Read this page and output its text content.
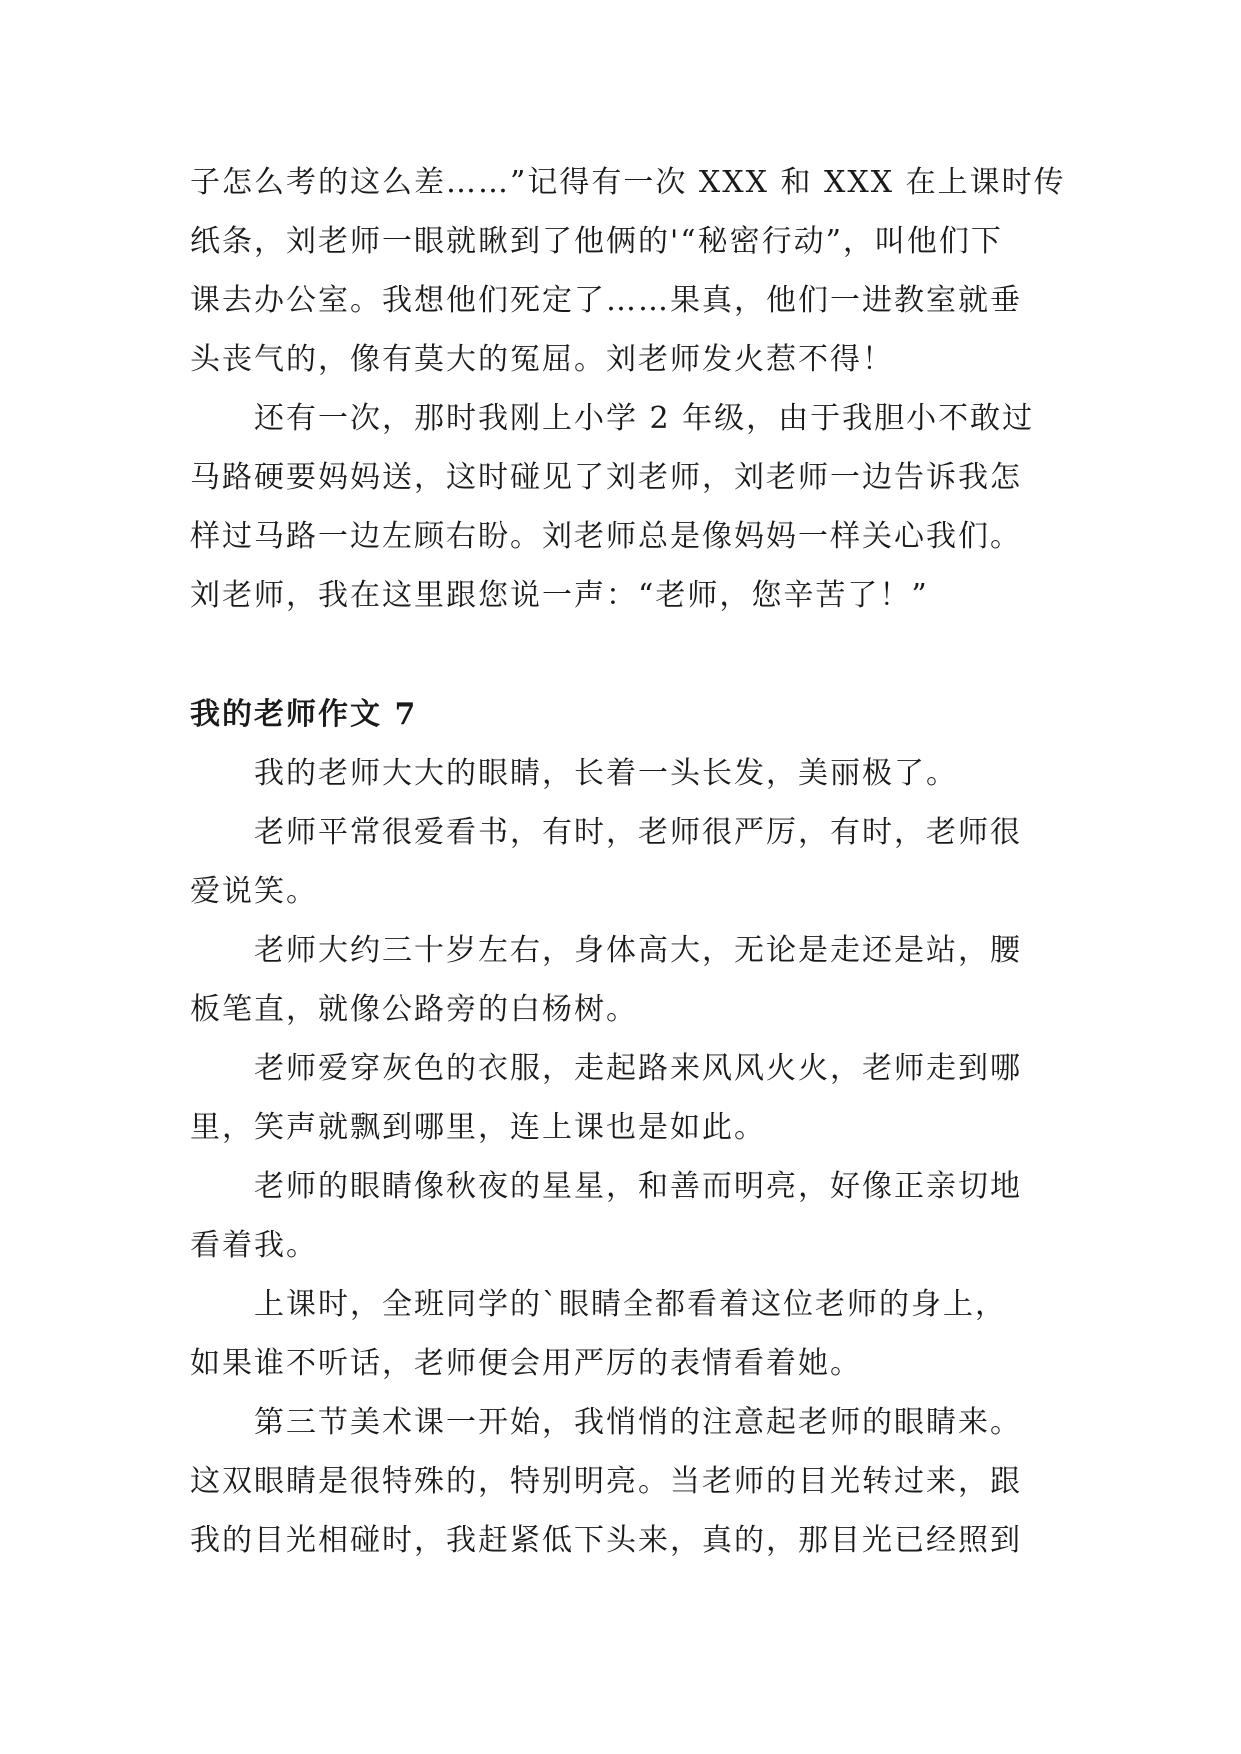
子怎么考的这么差……”记得有一次 XXX 和 XXX 在上课时传
纸条，刘老师一眼就瞅到了他俩的'“秘密行动”，叫他们下
课去办公室。我想他们死定了……果真，他们一进教室就垂
头丧气的，像有莫大的冤屈。刘老师发火惹不得！

还有一次，那时我刚上小学 2 年级，由于我胆小不敢过
马路硬要妈妈送，这时碰见了刘老师，刘老师一边告诉我怎
样过马路一边左顾右盼。刘老师总是像妈妈一样关心我们。
刘老师，我在这里跟您说一声：“老师，您辛苦了！”

我的老师作文 7

我的老师大大的眼睛，长着一头长发，美丽极了。

老师平常很爱看书，有时，老师很严厉，有时，老师很
爱说笑。

老师大约三十岁左右，身体高大，无论是走还是站，腰
板笔直，就像公路旁的白杨树。

老师爱穿灰色的衣服，走起路来风风火火，老师走到哪
里，笑声就飘到哪里，连上课也是如此。

老师的眼睛像秋夜的星星，和善而明亮，好像正亲切地
看着我。

上课时，全班同学的`眼睛全都看着这位老师的身上，
如果谁不听话，老师便会用严厉的表情看着她。

第三节美术课一开始，我悄悄的注意起老师的眼睛来。
这双眼睛是很特殊的，特别明亮。当老师的目光转过来，跟
我的目光相碰时，我赶紧低下头来，真的，那目光已经照到
